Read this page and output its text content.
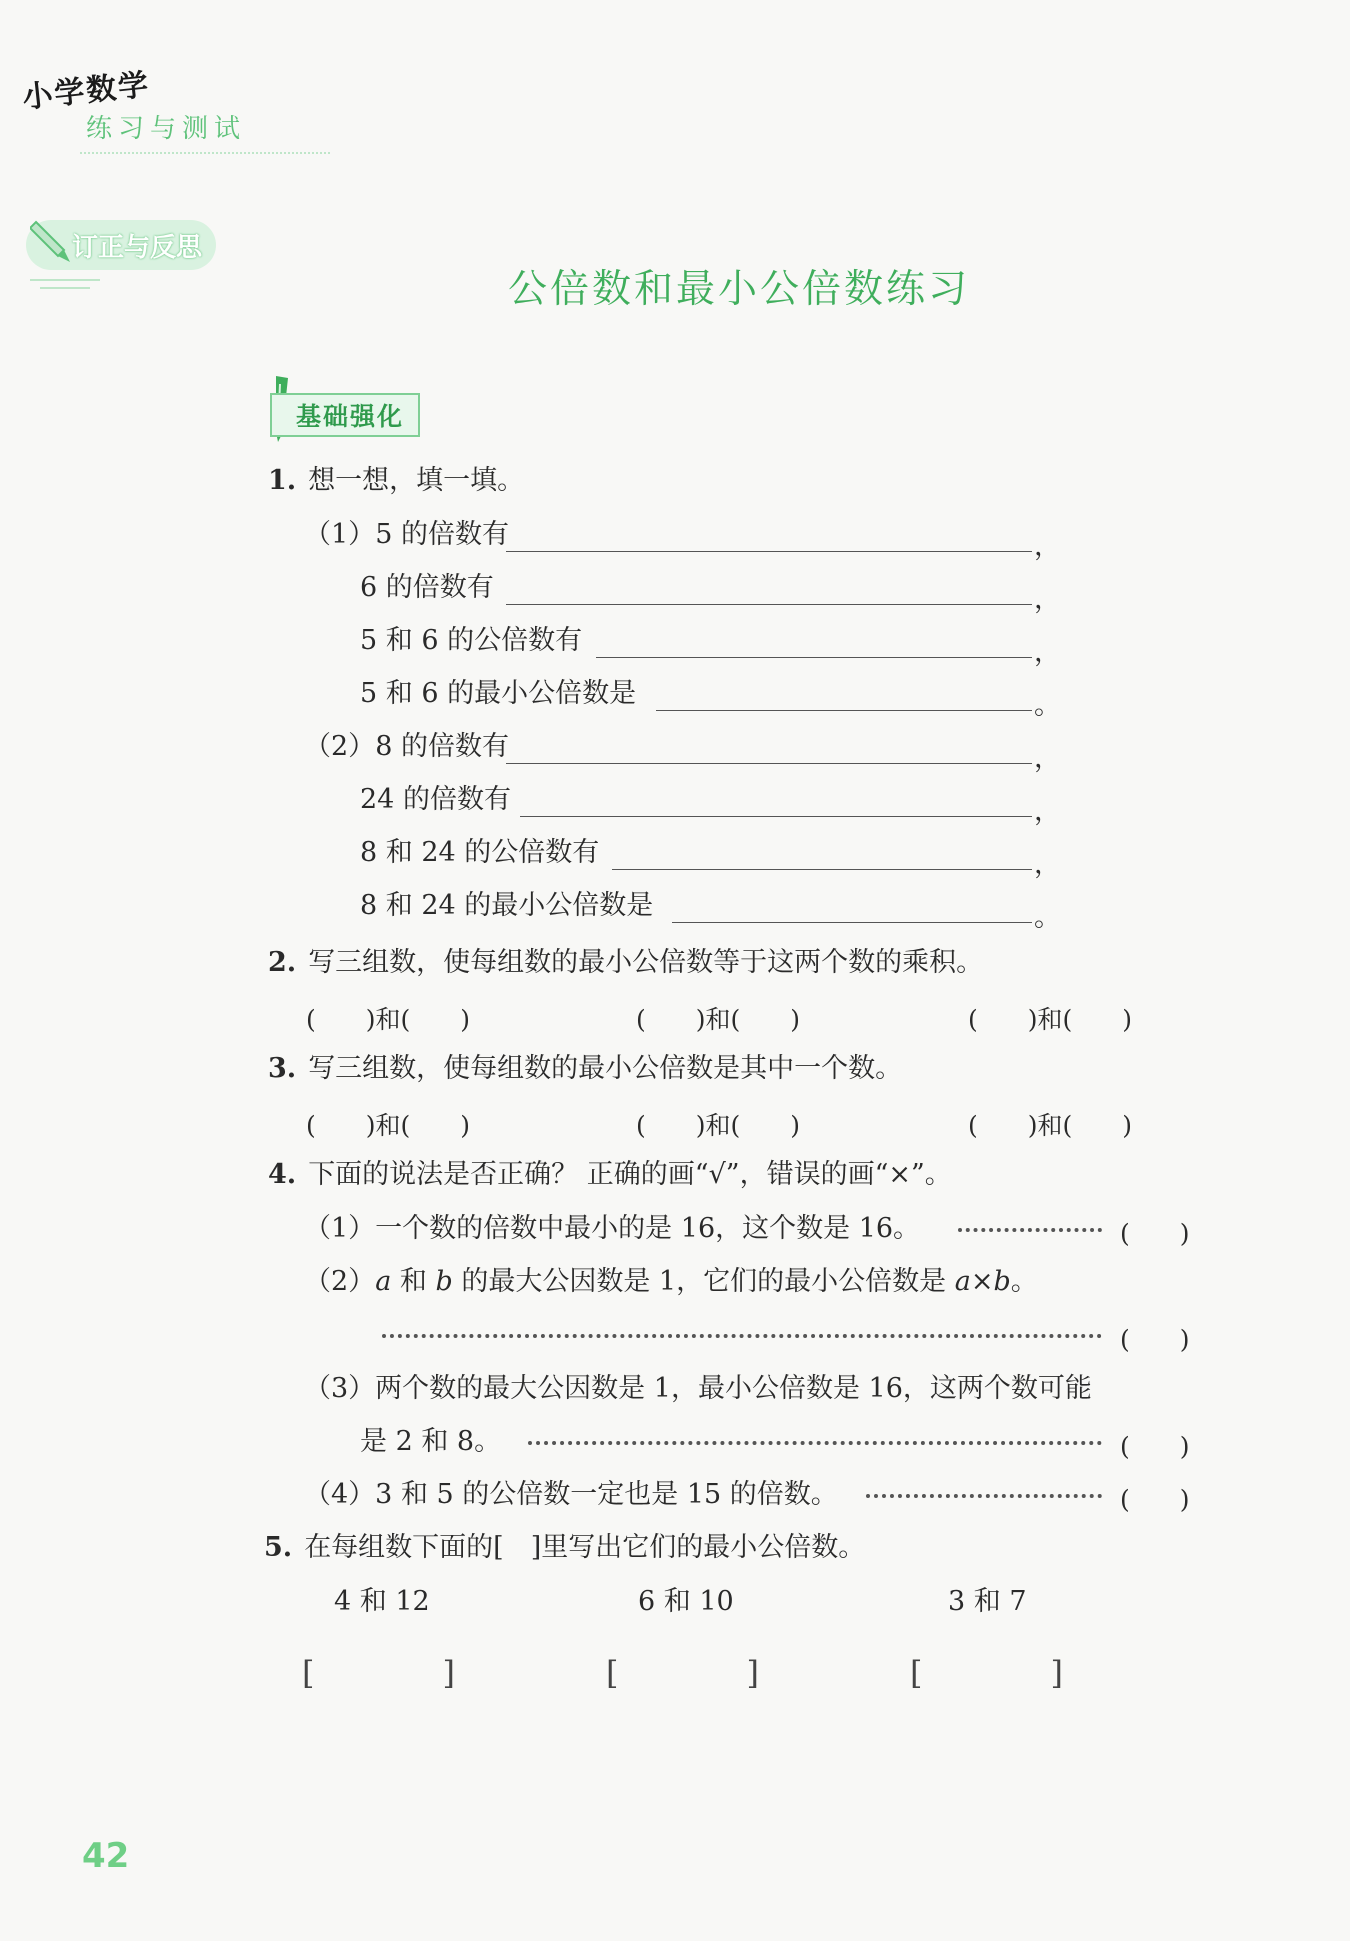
小学数学
练习与测试
订正与反思
公倍数和最小公倍数练习
基础强化
1. 想一想，填一填。
（1）5 的倍数有	，
6 的倍数有	，
5 和 6 的公倍数有	，
5 和 6 的最小公倍数是	。
（2）8 的倍数有	，
24 的倍数有	，
8 和 24 的公倍数有	，
8 和 24 的最小公倍数是	。
2. 写三组数，使每组数的最小公倍数等于这两个数的乘积。
(　　)和(　　)	(　　)和(　　)	(　　)和(　　)
3. 写三组数，使每组数的最小公倍数是其中一个数。
(　　)和(　　)	(　　)和(　　)	(　　)和(　　)
4. 下面的说法是否正确？ 正确的画“√”，错误的画“×”。
（1）一个数的倍数中最小的是 16，这个数是 16。	(　　)
（2）a 和 b 的最大公因数是 1，它们的最小公倍数是 a×b。
(　　)
（3）两个数的最大公因数是 1，最小公倍数是 16，这两个数可能
是 2 和 8。	(　　)
（4）3 和 5 的公倍数一定也是 15 的倍数。	(　　)
5. 在每组数下面的[　]里写出它们的最小公倍数。
4 和 12	6 和 10	3 和 7
[　　　　]	[　　　　]	[　　　　]
42
